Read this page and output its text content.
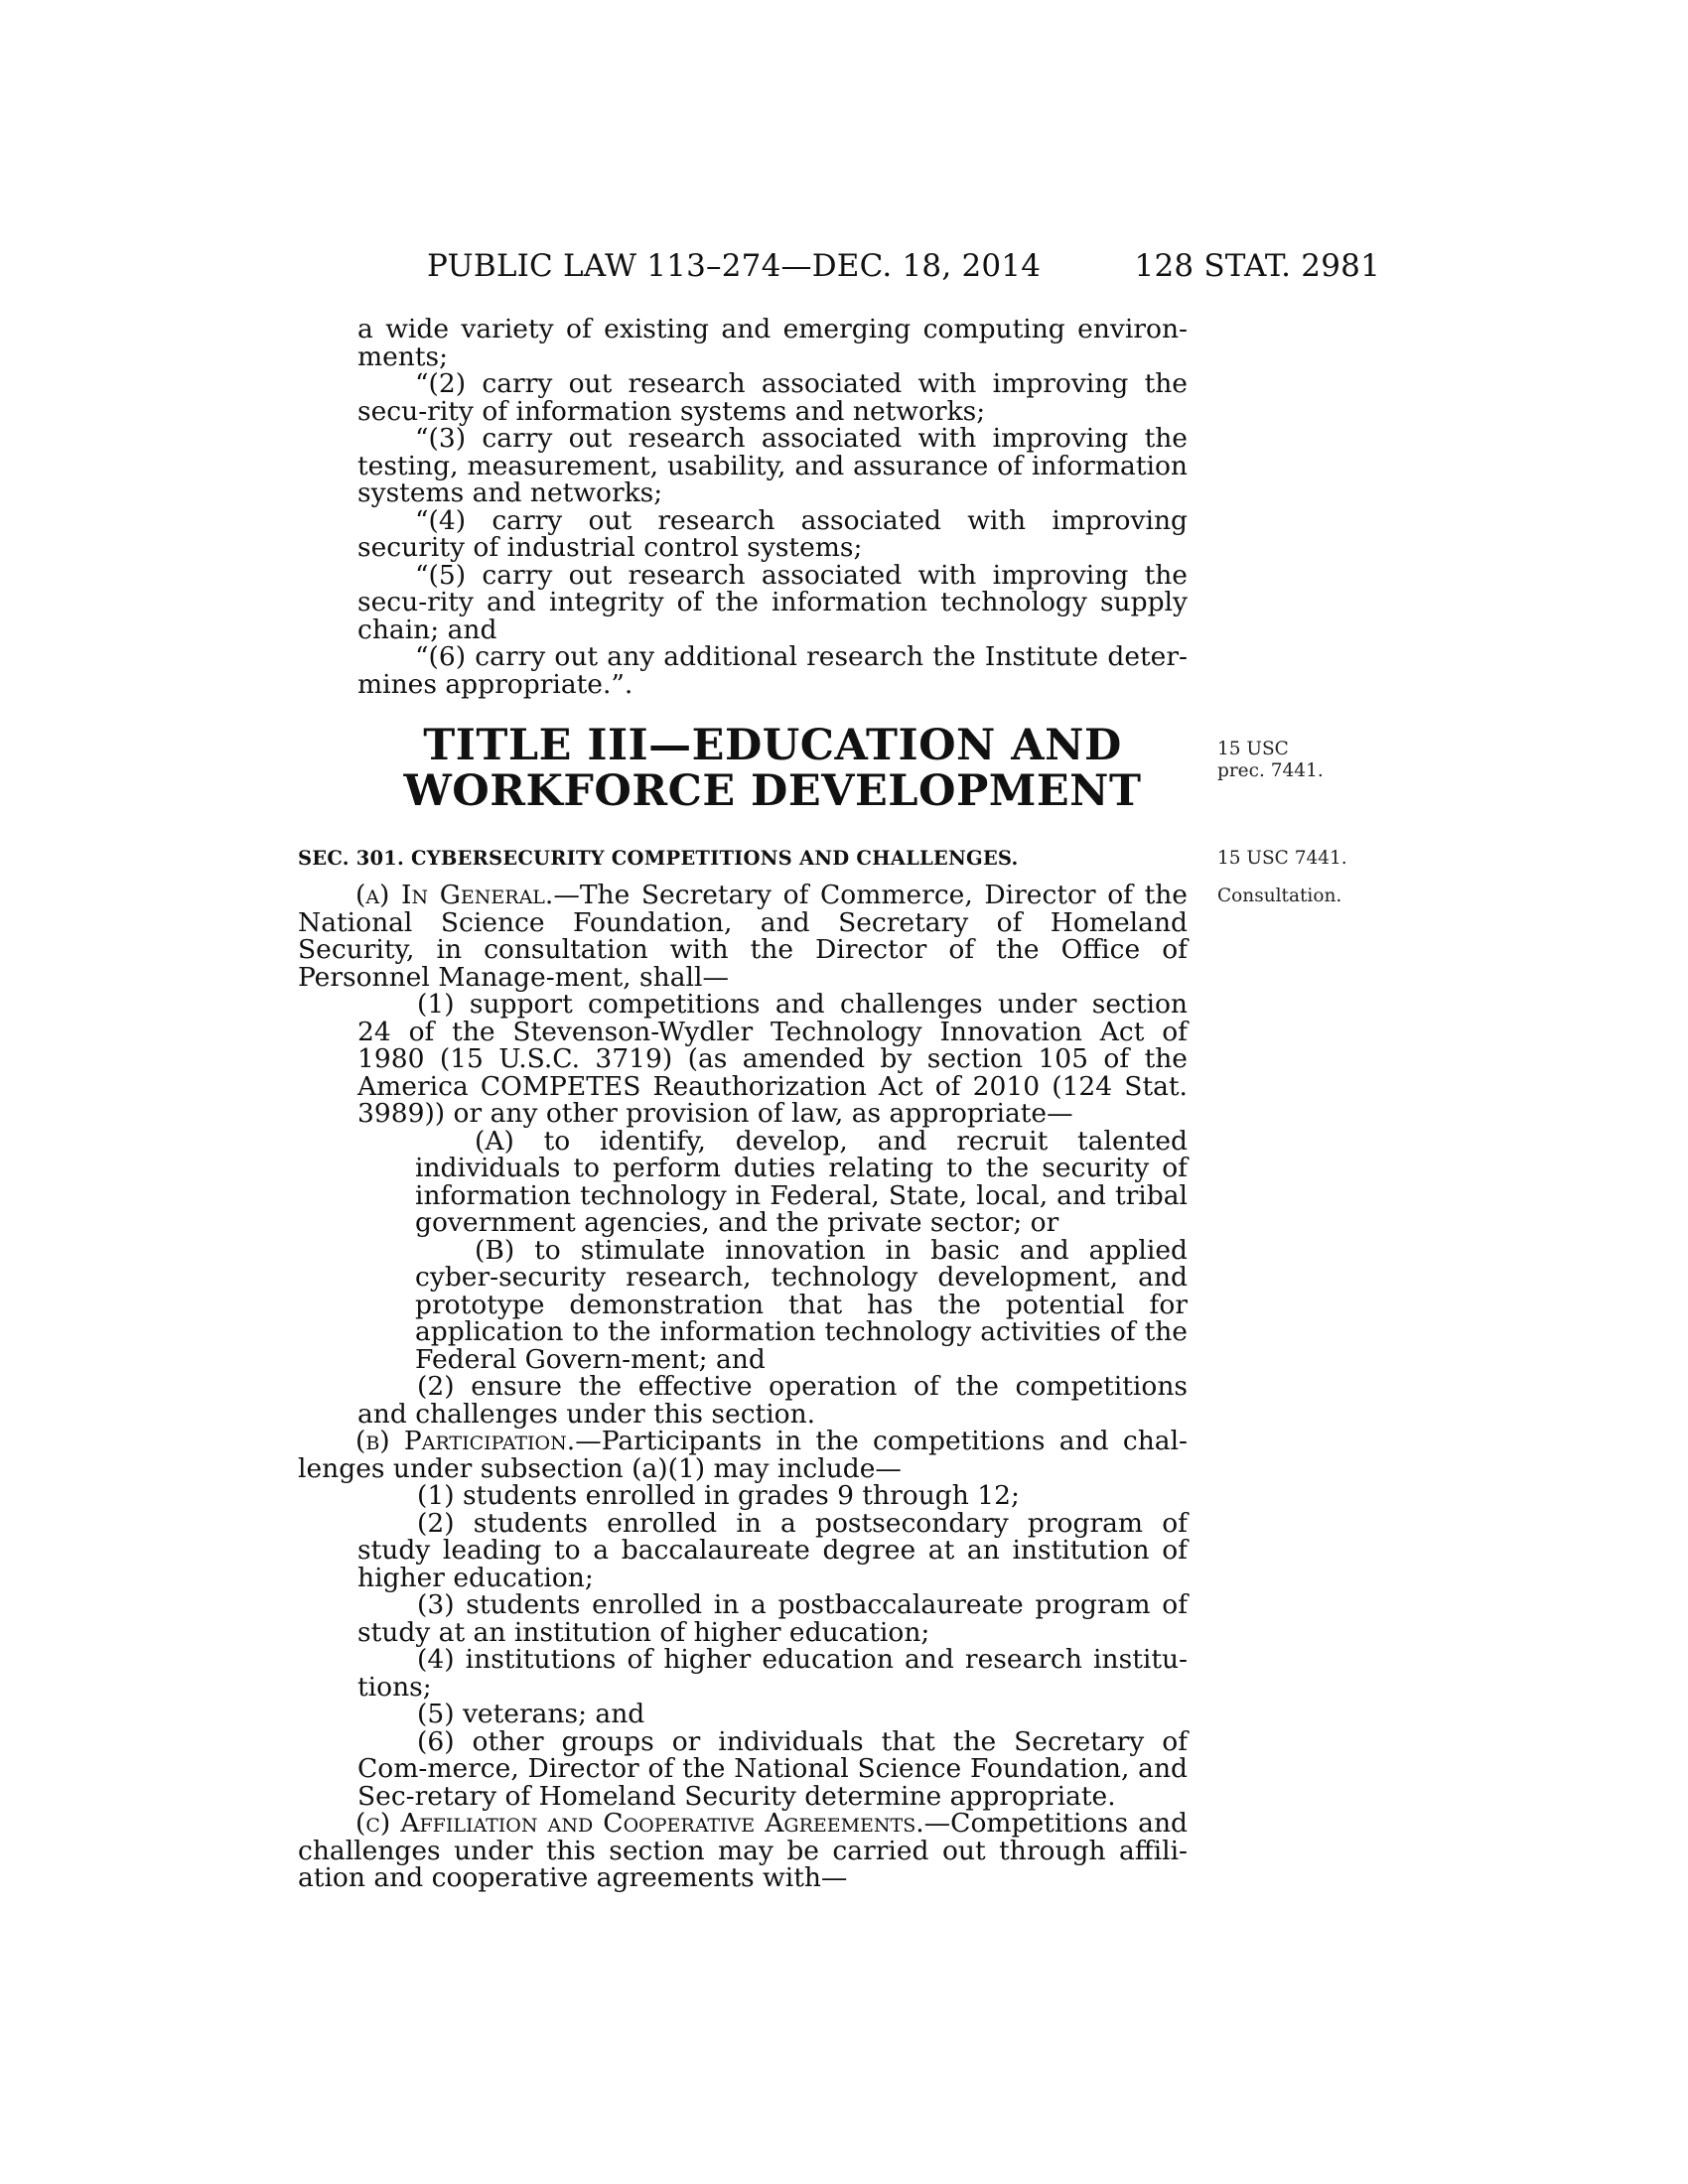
PUBLIC LAW 113–274—DEC. 18, 2014	128 STAT. 2981

a wide variety of existing and emerging computing environ-ments;

“(2) carry out research associated with improving the secu-rity of information systems and networks;

“(3) carry out research associated with improving the testing, measurement, usability, and assurance of information systems and networks;

“(4) carry out research associated with improving security of industrial control systems;

“(5) carry out research associated with improving the secu-rity and integrity of the information technology supply chain; and

“(6) carry out any additional research the Institute deter-mines appropriate.”.

TITLE III—EDUCATION AND
WORKFORCE DEVELOPMENT
15 USC
prec. 7441.
SEC. 301. CYBERSECURITY COMPETITIONS AND CHALLENGES.	15 USC 7441.
Consultation.

(a) In General.—The Secretary of Commerce, Director of the National Science Foundation, and Secretary of Homeland Security, in consultation with the Director of the Office of Personnel Manage-ment, shall—

(1) support competitions and challenges under section 24 of the Stevenson-Wydler Technology Innovation Act of 1980 (15 U.S.C. 3719) (as amended by section 105 of the America COMPETES Reauthorization Act of 2010 (124 Stat. 3989)) or any other provision of law, as appropriate—

(A) to identify, develop, and recruit talented individuals to perform duties relating to the security of information technology in Federal, State, local, and tribal government agencies, and the private sector; or

(B) to stimulate innovation in basic and applied cyber-security research, technology development, and prototype demonstration that has the potential for application to the information technology activities of the Federal Govern-ment; and

(2) ensure the effective operation of the competitions and challenges under this section.

(b) Participation.—Participants in the competitions and chal-lenges under subsection (a)(1) may include—

(1) students enrolled in grades 9 through 12;

(2) students enrolled in a postsecondary program of study leading to a baccalaureate degree at an institution of higher education;

(3) students enrolled in a postbaccalaureate program of study at an institution of higher education;

(4) institutions of higher education and research institu-tions;

(5) veterans; and

(6) other groups or individuals that the Secretary of Com-merce, Director of the National Science Foundation, and Sec-retary of Homeland Security determine appropriate.

(c) Affiliation and Cooperative Agreements.—Competitions and challenges under this section may be carried out through affili-ation and cooperative agreements with—
